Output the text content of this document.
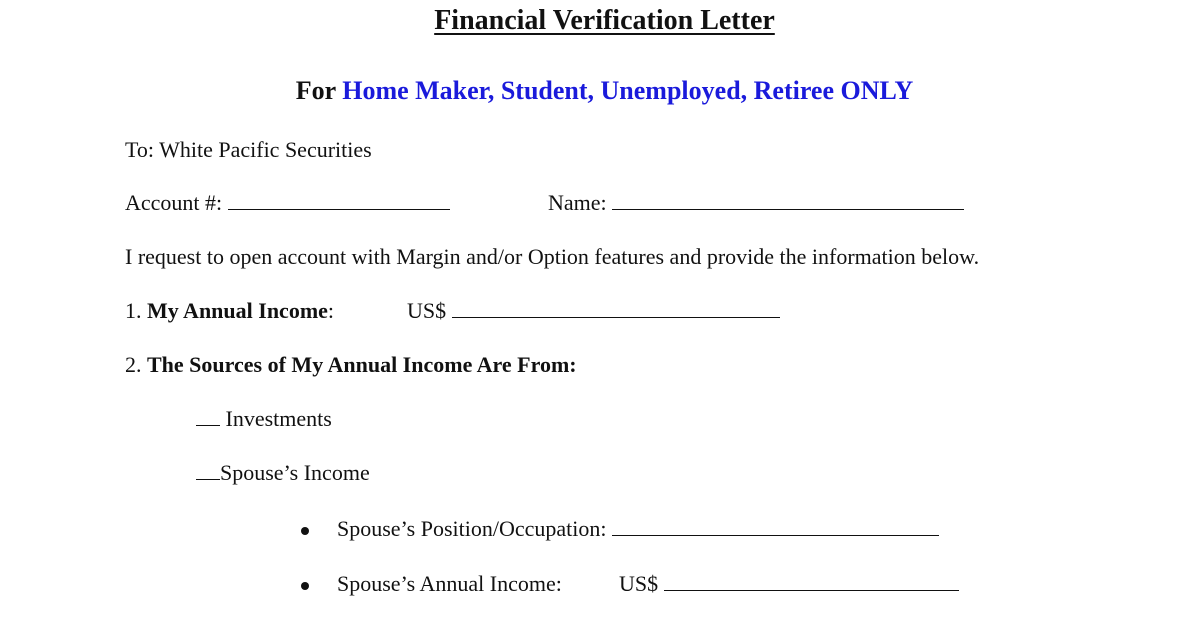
Financial Verification Letter
For Home Maker, Student, Unemployed, Retiree ONLY
To: White Pacific Securities
Account #:	Name:
I request to open account with Margin and/or Option features and provide the information below.
1. My Annual Income:	US$
2. The Sources of My Annual Income Are From:
Investments
Spouse’s Income
Spouse’s Position/Occupation:
Spouse’s Annual Income:	US$
